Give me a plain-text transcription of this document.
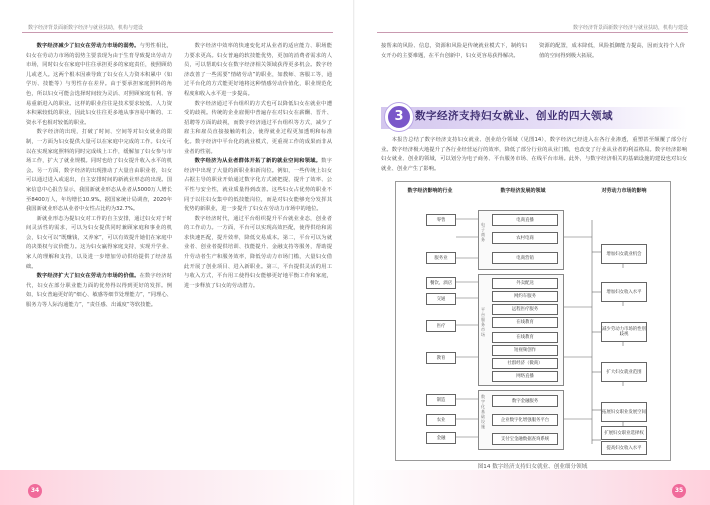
数字经济背景面新数字经济与就业扶助，机构与建设

数字经济减少了妇女在劳动力市场的弱势。与男性相比，妇女在劳动力市场的弱势主要表现为由于生育导致提出劳动力市场，同时妇女在家庭中往往承担更多的家庭责任，使照顾幼儿或老人。这两个根本因素导致了妇女在人力资本积累中（如学历、技能等）与男性存在差异。由于要承担家庭照料的角色，所以妇女可能会选择时间较为灵活、对照顾家庭有利、容易重新进入的职业。这样的职业往往是技术要求较低、人力资本积累较低的职业，因此妇女往往更多地从事容易中断的、工资水平也相对较低的职业。

数字经济的出现，打破了时间、空间等对妇女就业的限制，一方面为妇女提供大量可以在家庭中完成的工作。妇女可以在实现家庭照料的同时完成线上工作，缓解加了妇女参与市场工作，扩大了就业规模。同时也给了妇女提升收入水平的机会。另一方面，数字经济的出现推动了大量自由职业者，妇女可以通过进入或退出，自主安排时间的新就业形态的出现。国家信息中心报告显示，我国新就业形态从业者从5000万人增长至8400万人，年均增长10.9%。据国家统计局调查，2020年我国新就业形态从业者中女性占比约为32.7%。

新就业形态为提妇女对工作的自主安排，通过妇女对于时间灵活性的需求，可以为妇女提供同时兼顾家庭和事业的机会，妇女可以“既赚钱，又养家”，可以有效提升她们在家庭中的决策权与议价能力。这为妇女赢得家庭支持，实现升学业、家人的理解和支持，以及进一步增加劳动供给提供了经济基础。

数字经济扩大了妇女在劳动力市场的价值。在数字经济时代，妇女在部分职业能力面的优势得以得到更好的发挥。例如，妇女普遍更好的“细心、敏感等细节处理能力”，“同理心、服务力等人际沟通能力”，“责任感、出诚度”等软技能。

数字经济中效率的快速变化对从业者的适应能力、职场能力要求更高。妇女普遍的软技能优势，更加的消费者需求的人员，可以帮助妇女在数字经济相关领域获得更多机会。数字经济改善了一些需要“情绪劳动”的职业，如教师、客服工等，通过平台化的方式能更好地将这种情感劳动价值化，职业规范化程度和收入水平进一步提高。

数字经济通过平台组织的方式也可以降低妇女在就业中遭受的歧视。传统的企业雇佣中普遍存在对妇女在薪酬、晋升、招聘等方面的歧视，而数字经济通过平台组织等方式，减少了雇主和雇员直接接触的机会，使得就业过程更加透明和标准化。数字经济中平台化的就业模式，更重视工作的成果而非从业者的性别。

数字经济为从业者群体开拓了新的就业空间和领域。数字经济中出现了大量的新职业和新岗位。例如，一些传统上妇女占据主导的职业开始通过数字化方式被把提，提升了效率、公平性与安全性，就业质量得到改善。这些妇女占优势的职业不同于以往妇女集中的低技能岗位，而是对妇女能够充分发挥其优势的新职业，进一步提升了妇女在劳动力市场中的地位。

数字经济时代，通过平台组织提升平台就业业态，创业者的工作动力。一方面，平台可以实现高效匹配，使得供给和需求快速匹配，提升效率，降低交易成本。第二，平台可以为就业者、创业者提供培训、技能提升、金融支持等服务，帮助提升劳动者生产和服务效率，降低劳动力市场门槛，大量妇女借此开展了创业项目、进入新职业。第三，平台提供灵活的用工与收入方式，平台用工使得妇女能够更好地平衡工作和家庭，进一步释放了妇女的劳动潜力。

34
数字经济背景面新数字经济与就业扶助，机构与建设

接帮来的风险、信息，资源和风险是传统就业模式下，制约妇女开办的主要难题，在平台创新中，妇女更容易获得解决。

资源的配置，成本降低，风险抵御能力提高，因而支持个人价值的空间得到极大拓展。

3	数字经济支持妇女就业、创业的四大领域

本报告总结了数字经济支持妇女就业、创业给分领域（见图14），数字经济已经进入在各行业渗透，重塑甚至颠覆了部分行业。数字经济极大地提升了各行业经营运行的效率，降低了部分行业的从业门槛，也改变了行业从业者的利益格局。数字经济影响妇女就业、创业的领域，可以划分为电子商务、平台服务市场、在线平台市场。此外，与数字经济相关的基础设施的建设也对妇女就业、创业产生了影响。

数字经济影响的行业	数字经济发展的领域	对劳动力市场的影响
零售
服务业
餐饮、酒店
交通
医疗
教育
制造
农业
金融
电子商务
平台服务市场
数字化基础设施
电商直播
农村电商
电商营销
外卖配送
网约车服务
远程医疗服务
在线教育
在线教育
短视频创作
社群经济（微商）
网络直播
数字金融服务
企业数字化增强服务平台
支付宝金融数据查询系统
增加妇女就业机会
增加妇女收入水平
减少劳动力市场的性别歧视
扩大妇女就业范围
拓展妇女职业发展空间
扩展妇女职业选择权
提高妇女收入水平
图14 数字经济支持妇女就业、创业细分领域
35
